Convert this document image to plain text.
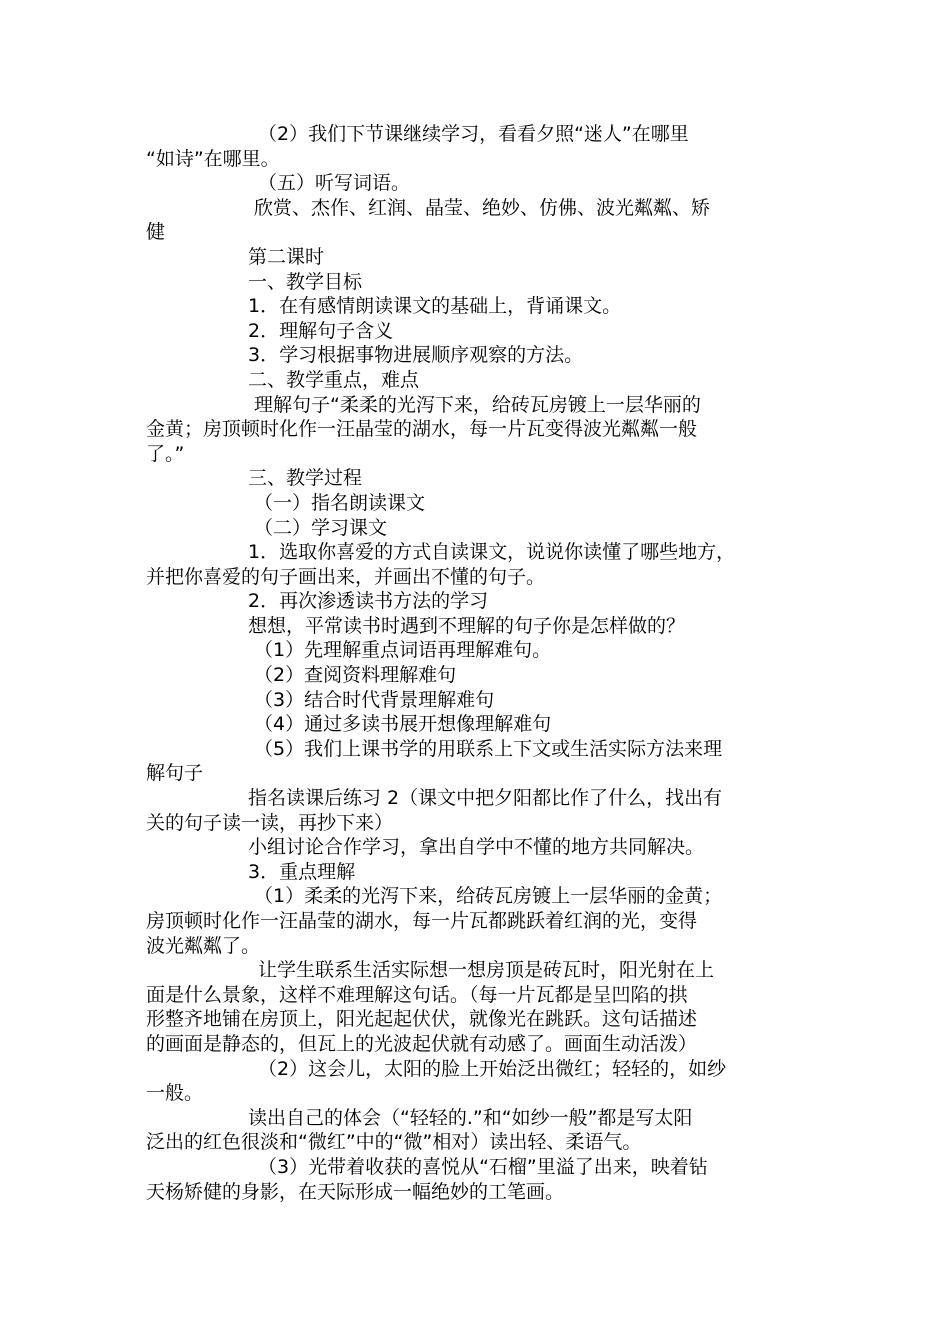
（2）我们下节课继续学习，看看夕照“迷人”在哪里
“如诗”在哪里。
（五）听写词语。
欣赏、杰作、红润、晶莹、绝妙、仿佛、波光粼粼、矫
健
第二课时
一、教学目标
1．在有感情朗读课文的基础上，背诵课文。
2．理解句子含义
3．学习根据事物进展顺序观察的方法。
二、教学重点，难点
理解句子“柔柔的光泻下来，给砖瓦房镀上一层华丽的
金黄；房顶顿时化作一汪晶莹的湖水，每一片瓦变得波光粼粼一般
了。”
三、教学过程
（一）指名朗读课文
（二）学习课文
1．选取你喜爱的方式自读课文，说说你读懂了哪些地方，
并把你喜爱的句子画出来，并画出不懂的句子。
2．再次渗透读书方法的学习
想想，平常读书时遇到不理解的句子你是怎样做的？
（1）先理解重点词语再理解难句。
（2）查阅资料理解难句
（3）结合时代背景理解难句
（4）通过多读书展开想像理解难句
（5）我们上课书学的用联系上下文或生活实际方法来理
解句子
指名读课后练习 2（课文中把夕阳都比作了什么，找出有
关的句子读一读，再抄下来）
小组讨论合作学习，拿出自学中不懂的地方共同解决。
3．重点理解
（1）柔柔的光泻下来，给砖瓦房镀上一层华丽的金黄；
房顶顿时化作一汪晶莹的湖水，每一片瓦都跳跃着红润的光，变得
波光粼粼了。
让学生联系生活实际想一想房顶是砖瓦时，阳光射在上
面是什么景象，这样不难理解这句话。（每一片瓦都是呈凹陷的拱
形整齐地铺在房顶上，阳光起起伏伏，就像光在跳跃。这句话描述
的画面是静态的，但瓦上的光波起伏就有动感了。画面生动活泼）
（2）这会儿，太阳的脸上开始泛出微红；轻轻的，如纱
一般。
读出自己的体会（“轻轻的.”和“如纱一般”都是写太阳
泛出的红色很淡和“微红”中的“微”相对）读出轻、柔语气。
（3）光带着收获的喜悦从“石榴”里溢了出来，映着钻
天杨矫健的身影，在天际形成一幅绝妙的工笔画。
